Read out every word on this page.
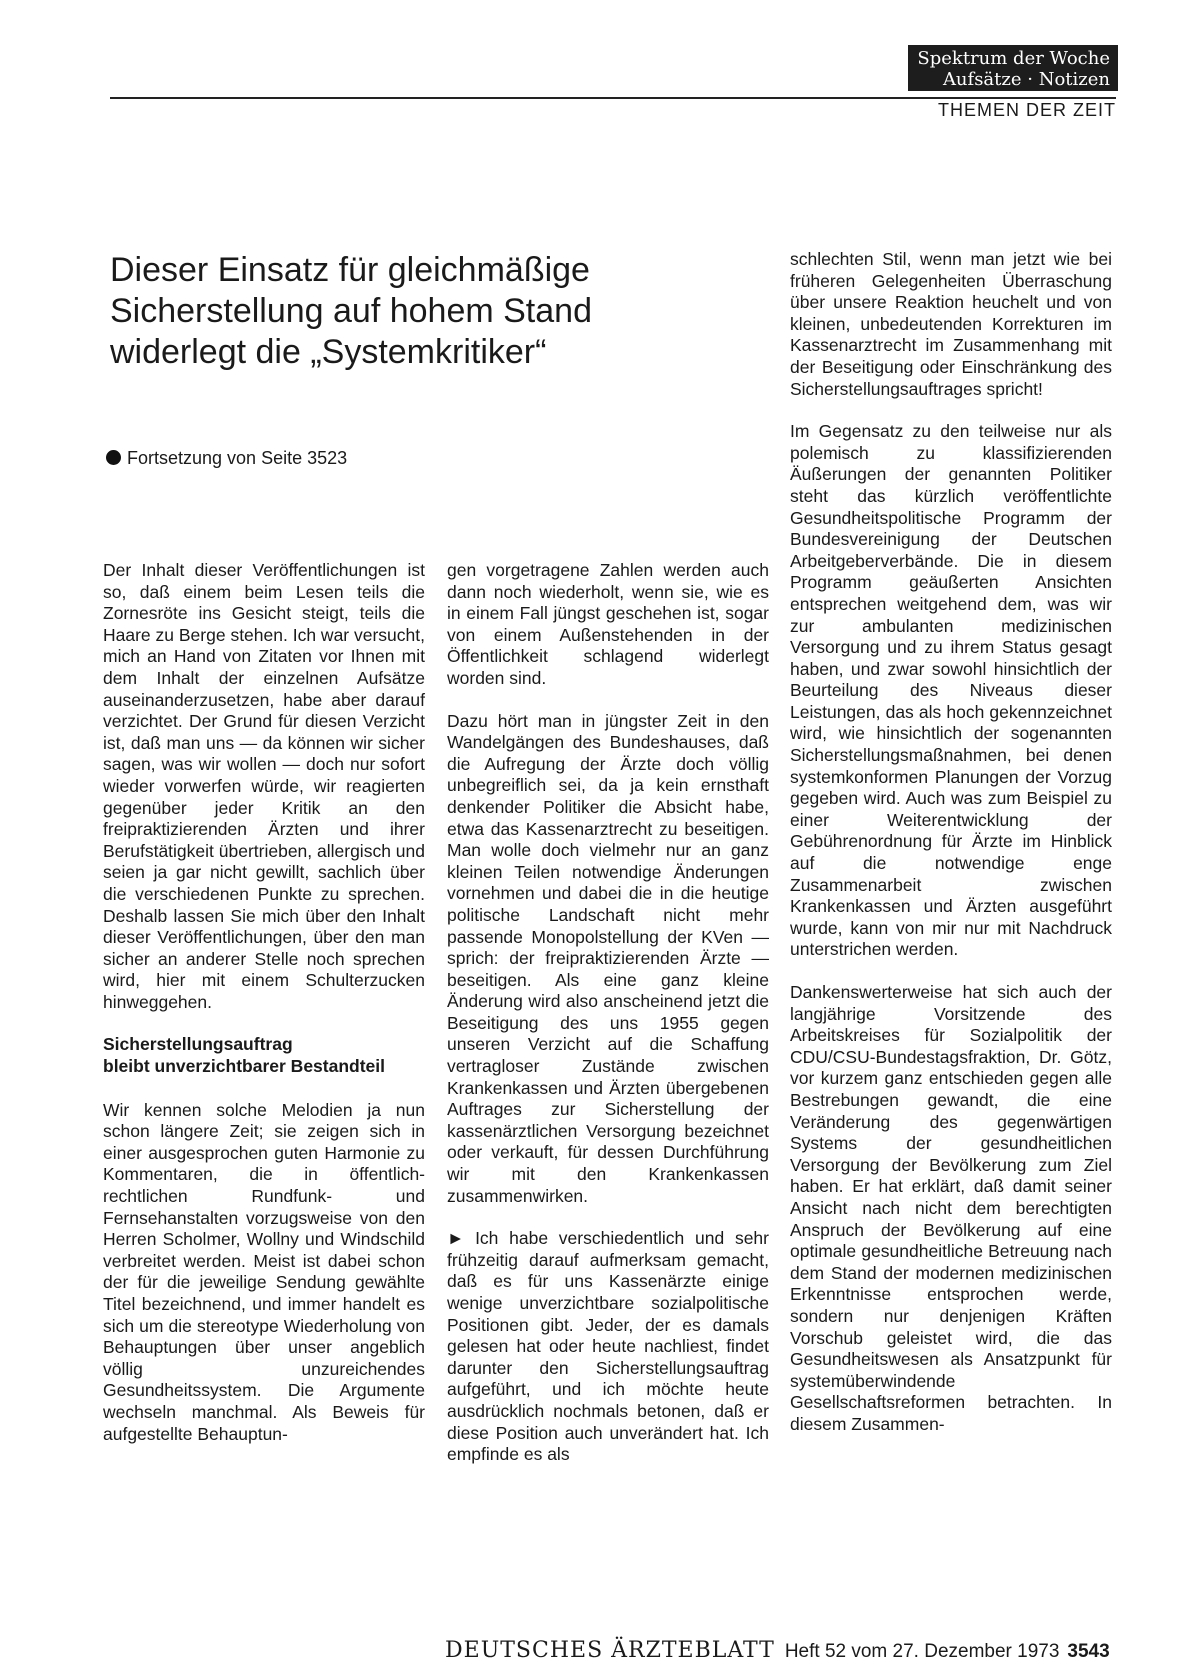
Spektrum der Woche
Aufsätze · Notizen
THEMEN DER ZEIT
Dieser Einsatz für gleichmäßige Sicherstellung auf hohem Stand widerlegt die „Systemkritiker“
Fortsetzung von Seite 3523

Der Inhalt dieser Veröffentlichungen ist so, daß einem beim Lesen teils die Zornesröte ins Gesicht steigt, teils die Haare zu Berge stehen. Ich war versucht, mich an Hand von Zitaten vor Ihnen mit dem Inhalt der einzelnen Aufsätze auseinanderzusetzen, habe aber darauf verzichtet. Der Grund für diesen Verzicht ist, daß man uns — da können wir sicher sagen, was wir wollen — doch nur sofort wieder vorwerfen würde, wir reagierten gegenüber jeder Kritik an den freipraktizierenden Ärzten und ihrer Berufstätigkeit übertrieben, allergisch und seien ja gar nicht gewillt, sachlich über die verschiedenen Punkte zu sprechen. Deshalb lassen Sie mich über den Inhalt dieser Veröffentlichungen, über den man sicher an anderer Stelle noch sprechen wird, hier mit einem Schulterzucken hinweggehen.

Sicherstellungsauftrag
bleibt unverzichtbarer Bestandteil

Wir kennen solche Melodien ja nun schon längere Zeit; sie zeigen sich in einer ausgesprochen guten Harmonie zu Kommentaren, die in öffentlich-rechtlichen Rundfunk- und Fernsehanstalten vorzugsweise von den Herren Scholmer, Wollny und Windschild verbreitet werden. Meist ist dabei schon der für die jeweilige Sendung gewählte Titel bezeichnend, und immer handelt es sich um die stereotype Wiederholung von Behauptungen über unser angeblich völlig unzureichendes Gesundheitssystem. Die Argumente wechseln manchmal. Als Beweis für aufgestellte Behauptun-

gen vorgetragene Zahlen werden auch dann noch wiederholt, wenn sie, wie es in einem Fall jüngst geschehen ist, sogar von einem Außenstehenden in der Öffentlichkeit schlagend widerlegt worden sind.

Dazu hört man in jüngster Zeit in den Wandelgängen des Bundeshauses, daß die Aufregung der Ärzte doch völlig unbegreiflich sei, da ja kein ernsthaft denkender Politiker die Absicht habe, etwa das Kassenarztrecht zu beseitigen. Man wolle doch vielmehr nur an ganz kleinen Teilen notwendige Änderungen vornehmen und dabei die in die heutige politische Landschaft nicht mehr passende Monopolstellung der KVen — sprich: der freipraktizierenden Ärzte — beseitigen. Als eine ganz kleine Änderung wird also anscheinend jetzt die Beseitigung des uns 1955 gegen unseren Verzicht auf die Schaffung vertragloser Zustände zwischen Krankenkassen und Ärzten übergebenen Auftrages zur Sicherstellung der kassenärztlichen Versorgung bezeichnet oder verkauft, für dessen Durchführung wir mit den Krankenkassen zusammenwirken.

► Ich habe verschiedentlich und sehr frühzeitig darauf aufmerksam gemacht, daß es für uns Kassenärzte einige wenige unverzichtbare sozialpolitische Positionen gibt. Jeder, der es damals gelesen hat oder heute nachliest, findet darunter den Sicherstellungsauftrag aufgeführt, und ich möchte heute ausdrücklich nochmals betonen, daß er diese Position auch unverändert hat. Ich empfinde es als

schlechten Stil, wenn man jetzt wie bei früheren Gelegenheiten Überraschung über unsere Reaktion heuchelt und von kleinen, unbedeutenden Korrekturen im Kassenarztrecht im Zusammenhang mit der Beseitigung oder Einschränkung des Sicherstellungsauftrages spricht!

Im Gegensatz zu den teilweise nur als polemisch zu klassifizierenden Äußerungen der genannten Politiker steht das kürzlich veröffentlichte Gesundheitspolitische Programm der Bundesvereinigung der Deutschen Arbeitgeberverbände. Die in diesem Programm geäußerten Ansichten entsprechen weitgehend dem, was wir zur ambulanten medizinischen Versorgung und zu ihrem Status gesagt haben, und zwar sowohl hinsichtlich der Beurteilung des Niveaus dieser Leistungen, das als hoch gekennzeichnet wird, wie hinsichtlich der sogenannten Sicherstellungsmaßnahmen, bei denen systemkonformen Planungen der Vorzug gegeben wird. Auch was zum Beispiel zu einer Weiterentwicklung der Gebührenordnung für Ärzte im Hinblick auf die notwendige enge Zusammenarbeit zwischen Krankenkassen und Ärzten ausgeführt wurde, kann von mir nur mit Nachdruck unterstrichen werden.

Dankenswerterweise hat sich auch der langjährige Vorsitzende des Arbeitskreises für Sozialpolitik der CDU/CSU-Bundestagsfraktion, Dr. Götz, vor kurzem ganz entschieden gegen alle Bestrebungen gewandt, die eine Veränderung des gegenwärtigen Systems der gesundheitlichen Versorgung der Bevölkerung zum Ziel haben. Er hat erklärt, daß damit seiner Ansicht nach nicht dem berechtigten Anspruch der Bevölkerung auf eine optimale gesundheitliche Betreuung nach dem Stand der modernen medizinischen Erkenntnisse entsprochen werde, sondern nur denjenigen Kräften Vorschub geleistet wird, die das Gesundheitswesen als Ansatzpunkt für systemüberwindende Gesellschaftsreformen betrachten. In diesem Zusammen-

DEUTSCHES ÄRZTEBLATT Heft 52 vom 27. Dezember 1973 3543
